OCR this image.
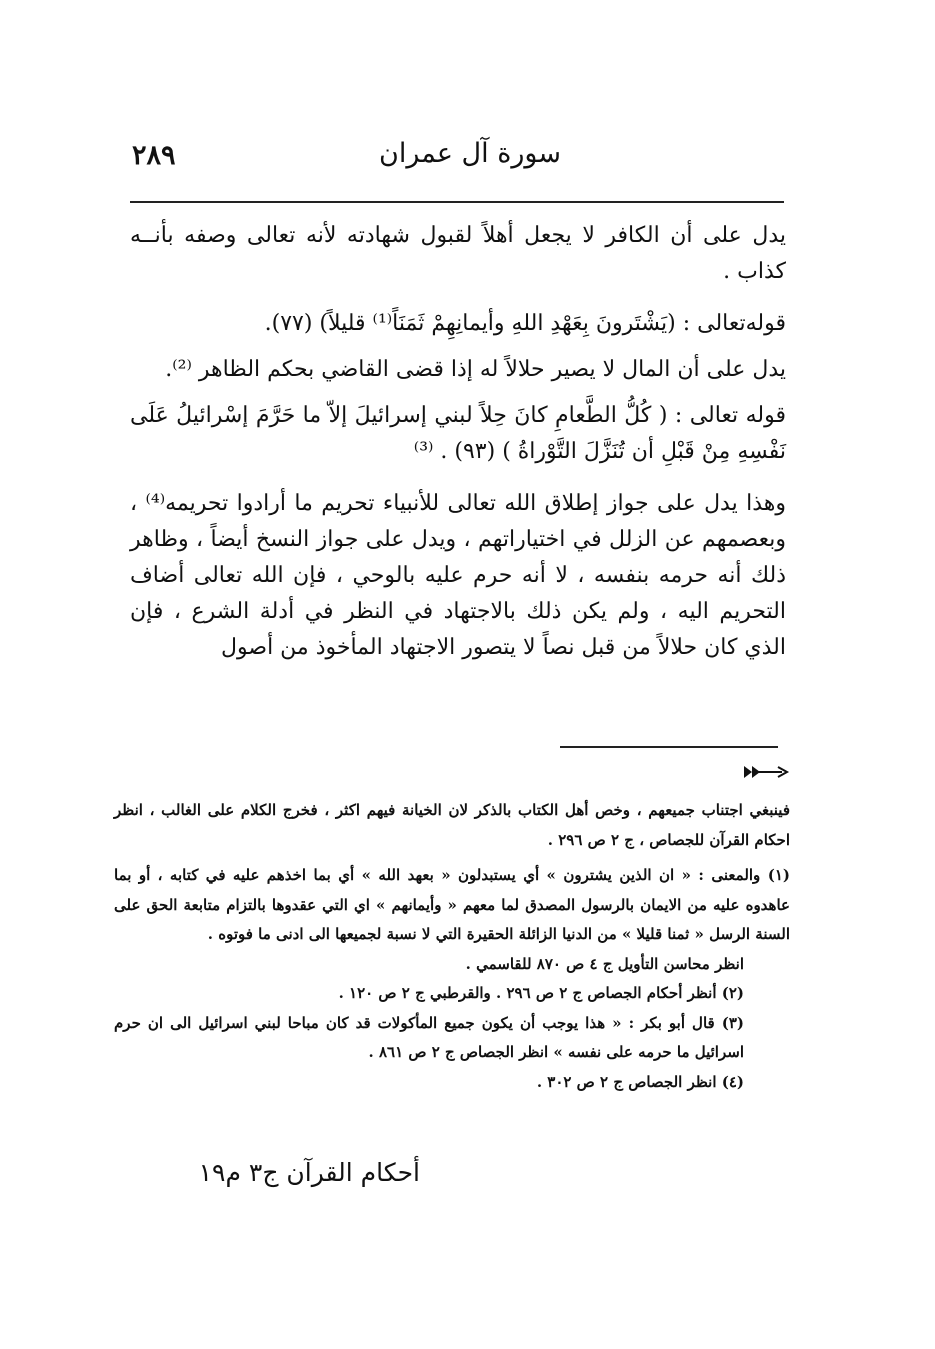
سورة آل عمران
٢٨٩

يدل على أن الكافر لا يجعل أهلاً لقبول شهادته لأنه تعالى وصفه بأنــه كذاب .

قوله‌تعالى : (يَشْتَرونَ بِعَهْدِ اللهِ وأيمانِهِمْ ثَمَنَاً⁽¹⁾ قليلاً) (٧٧).

يدل على أن المال لا يصير حلالاً له إذا قضى القاضي بحكم الظاهر ⁽²⁾.

قوله تعالى : ( كُلُّ الطَّعامِ كانَ حِلاً لبني إسرائيلَ إلاّ ما حَرَّمَ إسْرائيلُ عَلَى نَفْسِهِ مِنْ قَبْلِ أن تُنَزَّلَ التَّوْراةُ ) (٩٣) . ⁽³⁾

وهذا يدل على جواز إطلاق الله تعالى للأنبياء تحريم ما أرادوا تحريمه⁽⁴⁾ ، وبعصمهم عن الزلل في اختياراتهم ، ويدل على جواز النسخ أيضاً ، وظاهر ذلك أنه حرمه بنفسه ، لا أنه حرم عليه بالوحي ، فإن الله تعالى أضاف التحريم اليه ، ولم يكن ذلك بالاجتهاد في النظر في أدلة الشرع ، فإن الذي كان حلالاً من قبل نصاً لا يتصور الاجتهاد المأخوذ من أصول

فينبغي اجتناب جميعهم ، وخص أهل الكتاب بالذكر لان الخيانة فيهم اكثر ، فخرج الكلام على الغالب ، انظر احكام القرآن للجصاص ، ج ٢ ص ٢٩٦ .

(١) والمعنى : « ان الذين يشترون » أي يستبدلون « بعهد الله » أي بما اخذهم عليه في كتابه ، أو بما عاهدوه عليه من الايمان بالرسول المصدق لما معهم « وأيمانهم » اي التي عقدوها بالتزام متابعة الحق على السنة الرسل « ثمنا قليلا » من الدنيا الزائلة الحقيرة التي لا نسبة لجميعها الى ادنى ما فوتوه .

انظر محاسن التأويل ج ٤ ص ٨٧٠ للقاسمي .

(٢) أنظر أحكام الجصاص ج ٢ ص ٢٩٦ . والقرطبي ج ٢ ص ١٢٠ .

(٣) قال أبو بكر : « هذا يوجب أن يكون جميع المأكولات قد كان مباحا لبني اسرائيل الى ان حرم اسرائيل ما حرمه على نفسه » انظر الجصاص ج ٢ ص ٨٦١ .

(٤) انظر الجصاص ج ٢ ص ٣٠٢ .

أحكام القرآن ج٣ م١٩
